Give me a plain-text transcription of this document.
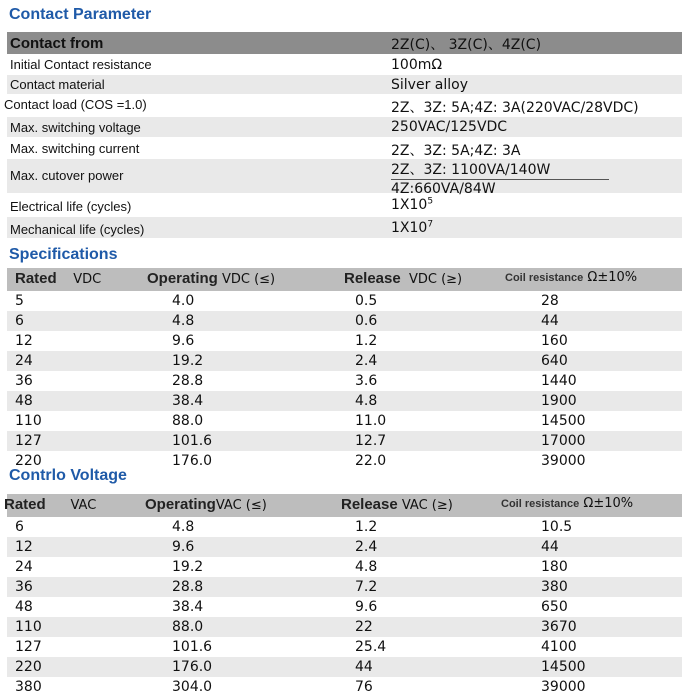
Contact Parameter
Contact from	2Z(C)、 3Z(C)、4Z(C)
Initial Contact resistance	100mΩ
Contact material	Silver alloy
Contact load (COS =1.0)	2Z、3Z: 5A;4Z: 3A(220VAC/28VDC)
Max. switching voltage	250VAC/125VDC
Max. switching current	2Z、3Z: 5A;4Z: 3A
Max. cutover power	2Z、3Z: 1100VA/140W
4Z:660VA/84W
Electrical life (cycles)	$1X10^5$
Mechanical life (cycles)	$1X10^7$
Specifications
Rated VDC	Operating VDC (≤)	Release VDC (≥)	Coil resistance Ω±10%
5	4.0	0.5	28
6	4.8	0.6	44
12	9.6	1.2	160
24	19.2	2.4	640
36	28.8	3.6	1440
48	38.4	4.8	1900
110	88.0	11.0	14500
127	101.6	12.7	17000
220	176.0	22.0	39000
Contrlo Voltage
Rated VAC	OperatingVAC (≤)	Release VAC (≥)	Coil resistance Ω±10%
6	4.8	1.2	10.5
12	9.6	2.4	44
24	19.2	4.8	180
36	28.8	7.2	380
48	38.4	9.6	650
110	88.0	22	3670
127	101.6	25.4	4100
220	176.0	44	14500
380	304.0	76	39000
